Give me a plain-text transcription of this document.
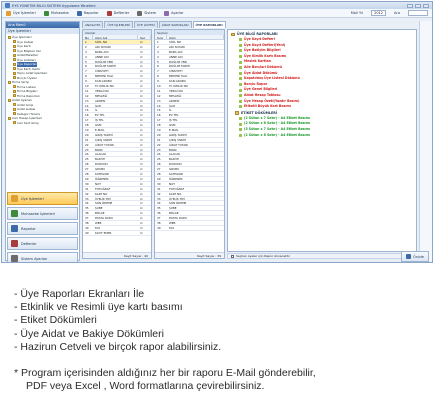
EYS YÖNETİM BİLGİ SİSTEMİ Uygulama Yönetimi
Üye İşlemleri	Muhasebe	Raporlar	Defterler	Sistem	Ayarlar	Mali Yıl	2012	Ara
Ana Menü
Üye İşlemleri
Üye İşlemleri
Üye Listesi
Üye Kartı
Üye Bilgileri Yaz
Aidat/Taksitler
Üye Listeleri
Üye Raporları
Üye Kartı Yazdır
Toplu Aidat İşlemleri
Borçlu Üyeler
Firma Girişi
Firma Listesi
Firma Bilgileri
Firma Raporları
Aidat Ayarları
Aidat Girişi
Aidat Listesi
Kategori Tanımı
Cari Hesap İşlemleri
Cari Kart Girişi
Üye İşlemleri
Muhasebe İşlemleri
Raporlar
Defterler
Sistem Ayarları
ANASAYFA	ÜYE İŞLEMLERİ	ÜYE LİSTESİ	AİDAT RAPORLARI	ÜYE RAPORLARI
Alanlar
No	Alan Adı	Seç
1	SİCİL NO	☑
2	ADI SOYADI	☑
3	BABA ADI	☑
4	ANNE ADI	☑
5	DOĞUM YERİ	☑
6	DOĞUM TARİHİ	☑
7	CİNSİYETİ	☑
8	MEDENİ HALİ	☑
9	KAN GRUBU	☑
10	TC KİMLİK NO	☑
11	VERGİ NO	☑
12	MESLEĞİ	☑
13	ADRESİ	☑
14	İLÇE	☑
15	İL	☑
16	EV TEL	☑
17	İŞ TEL	☑
18	GSM	☑
19	E-MAİL	☑
20	GİRİŞ TARİHİ	☑
21	ÇIKIŞ TARİHİ	☑
22	AİDAT TUTARI	☑
23	BORÇ	☑
24	ALACAK	☑
25	BAKİYE	☑
26	DURUMU	☑
27	GRUBU	☑
28	KATEGORİ	☑
29	ÖĞRENİM	☑
30	NOT	☑
31	FOTOĞRAF	☑
32	KART NO	☑
33	ÜYELİK TİPİ	☑
34	SON ÖDEME	☑
35	ŞUBE	☑
36	BÖLGE	☑
37	POSTA KODU	☑
38	WEB	☑
39	FAX	☑
40	KAYIT EDEN	☑
Kayıt Sayısı : 40
Seçilen
Sıra	Alan
1	SİCİL NO
2	ADI SOYADI
3	BABA ADI
4	ANNE ADI
5	DOĞUM YERİ
6	DOĞUM TARİHİ
7	CİNSİYETİ
8	MEDENİ HALİ
9	KAN GRUBU
10	TC KİMLİK NO
11	VERGİ NO
12	MESLEĞİ
13	ADRESİ
14	İLÇE
15	İL
16	EV TEL
17	İŞ TEL
18	GSM
19	E-MAİL
20	GİRİŞ TARİHİ
21	ÇIKIŞ TARİHİ
22	AİDAT TUTARI
23	BORÇ
24	ALACAK
25	BAKİYE
26	DURUMU
27	GRUBU
28	KATEGORİ
29	ÖĞRENİM
30	NOT
31	FOTOĞRAF
32	KART NO
33	ÜYELİK TİPİ
34	SON ÖDEME
35	ŞUBE
36	BÖLGE
37	POSTA KODU
38	WEB
39	FAX
Kayıt Sayısı : 39
ÜYE BİLGİ RAPORLARI
Üye Kayıt Defteri
Üye Kayıt Defteri(Yeni)
Üye Batlyim Bilgileri
Üye Kimlik Kartı Basımı
Meslek Kartları
Aile Borçlarl Dökümü
Üye Aidat Dökümü
Kapatılmış Üye Listesi Dökümü
Borçlu Rapor
Üye Genel Bilgileri
Aidat Hesap Tablosu
Üye Hesap Özeti(Yazdır Basım)
Etiketli Büyük Kart Basımı
ETİKET DÖKÜMLERİ
(2 Sütun x 7 Satır) - A4 Etiket Basımı
(2 Sütun x 8 Satır) - A4 Etiket Basımı
(3 Sütun x 7 Satır) - A4 Etiket Basımı
(2 Sütun x 6 Satır) - A4 Etiket Basımı
Seçilen üyeler için Rapor Alınacaktır	Önizle
- Üye Raporları Ekranları İle
- Etkinlik ve Resimli üye kartı basımı
- Etiket Dökümleri
- Üye Aidat ve Bakiye Dökümleri
- Hazirun Cetveli ve birçok rapor alabilirsiniz.

* Program içerisinden aldığınız her bir raporu E-Mail gönderebilir,

PDF veya Excel , Word formatlarına çevirebilirsiniz.
